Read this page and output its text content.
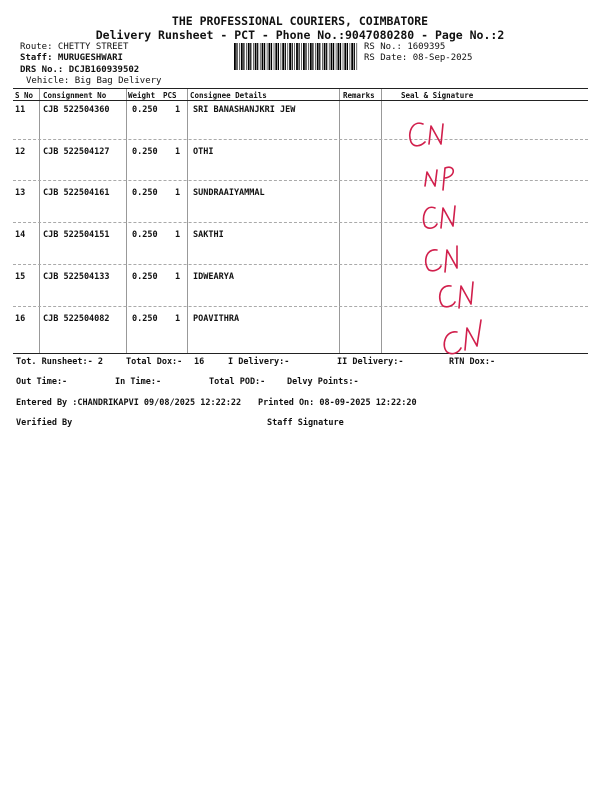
THE PROFESSIONAL COURIERS, COIMBATORE
Delivery Runsheet - PCT - Phone No.:9047080280 - Page No.:2
Route: CHETTY STREET
Staff: MURUGESHWARI
DRS No.: DCJB160939502
Vehicle: Big Bag Delivery
RS No.: 1609395
RS Date: 08-Sep-2025
S No Consignment No	Weight PCS Consignee Details	Remarks	Seal & Signature
11 CJB 522504360	0.250 1 SRI BANASHANJKRI JEW
12 CJB 522504127	0.250 1 OTHI
13 CJB 522504161	0.250 1 SUNDRAAIYAMMAL
14 CJB 522504151	0.250 1 SAKTHI
15 CJB 522504133	0.250 1 IDWEARYA
16 CJB 522504082	0.250 1 POAVITHRA
Tot. Runsheet:- 2	Total Dox:- 16	I Delivery:-	II Delivery:-	RTN Dox:-
Out Time:-	In Time:-	Total POD:-	Delvy Points:-
Entered By :CHANDRIKAPVI 09/08/2025 12:22:22 Printed On: 08-09-2025 12:22:20
Verified By	Staff Signature
